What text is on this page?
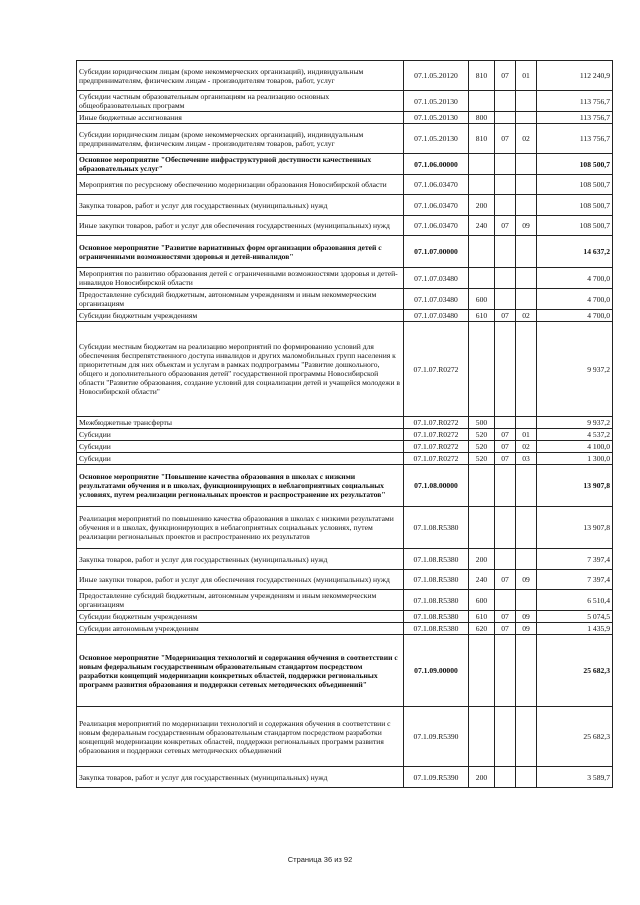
Субсидии юридическим лицам (кроме некоммерческих организаций), индивидуальным предпринимателям, физическим лицам - производителям товаров, работ, услуг	07.1.05.20120	810	07	01	112 240,9
Субсидии частным образовательным организациям на реализацию основных общеобразовательных программ	07.1.05.20130				113 756,7
Иные бюджетные ассигнования	07.1.05.20130	800			113 756,7
Субсидии юридическим лицам (кроме некоммерческих организаций), индивидуальным предпринимателям, физическим лицам - производителям товаров, работ, услуг	07.1.05.20130	810	07	02	113 756,7
Основное мероприятие "Обеспечение инфраструктурной доступности качественных образовательных услуг"	07.1.06.00000				108 500,7
Мероприятия по ресурсному обеспечению модернизации образования Новосибирской области	07.1.06.03470				108 500,7
Закупка товаров, работ и услуг для государственных (муниципальных) нужд	07.1.06.03470	200			108 500,7
Иные закупки товаров, работ и услуг для обеспечения государственных (муниципальных) нужд	07.1.06.03470	240	07	09	108 500,7
Основное мероприятие "Развитие вариативных форм организации образования детей с ограниченными возможностями здоровья и детей-инвалидов"	07.1.07.00000				14 637,2
Мероприятия по развитию образования детей с ограниченными возможностями здоровья и детей-инвалидов Новосибирской области	07.1.07.03480				4 700,0
Предоставление субсидий бюджетным, автономным учреждениям и иным некоммерческим организациям	07.1.07.03480	600			4 700,0
Субсидии бюджетным учреждениям	07.1.07.03480	610	07	02	4 700,0
Субсидии местным бюджетам на реализацию мероприятий по формированию условий для обеспечения беспрепятственного доступа инвалидов и других маломобильных групп населения к приоритетным для них объектам и услугам в рамках подпрограммы "Развитие дошкольного, общего и дополнительного образования детей" государственной программы Новосибирской области "Развитие образования, создание условий для социализации детей и учащейся молодежи в Новосибирской области"	07.1.07.R0272				9 937,2
Межбюджетные трансферты	07.1.07.R0272	500			9 937,2
Субсидии	07.1.07.R0272	520	07	01	4 537,2
Субсидии	07.1.07.R0272	520	07	02	4 100,0
Субсидии	07.1.07.R0272	520	07	03	1 300,0
Основное мероприятие "Повышение качества образования в школах с низкими результатами обучения и в школах, функционирующих в неблагоприятных социальных условиях, путем реализации региональных проектов и распространение их результатов"	07.1.08.00000				13 907,8
Реализация мероприятий по повышению качества образования в школах с низкими результатами обучения и в школах, функционирующих в неблагоприятных социальных условиях, путем реализации региональных проектов и распространению их результатов	07.1.08.R5380				13 907,8
Закупка товаров, работ и услуг для государственных (муниципальных) нужд	07.1.08.R5380	200			7 397,4
Иные закупки товаров, работ и услуг для обеспечения государственных (муниципальных) нужд	07.1.08.R5380	240	07	09	7 397,4
Предоставление субсидий бюджетным, автономным учреждениям и иным некоммерческим организациям	07.1.08.R5380	600			6 510,4
Субсидии бюджетным учреждениям	07.1.08.R5380	610	07	09	5 074,5
Субсидии автономным учреждениям	07.1.08.R5380	620	07	09	1 435,9
Основное мероприятие "Модернизация технологий и содержания обучения в соответствии с новым федеральным государственным образовательным стандартом посредством разработки концепций модернизации конкретных областей, поддержки региональных программ развития образования и поддержки сетевых методических объединений"	07.1.09.00000				25 682,3
Реализация мероприятий по модернизации технологий и содержания обучения в соответствии с новым федеральным государственным образовательным стандартом посредством разработки концепций модернизации конкретных областей, поддержки региональных программ развития образования и поддержки сетевых методических объединений	07.1.09.R5390				25 682,3
Закупка товаров, работ и услуг для государственных (муниципальных) нужд	07.1.09.R5390	200			3 589,7
Страница 36 из 92
